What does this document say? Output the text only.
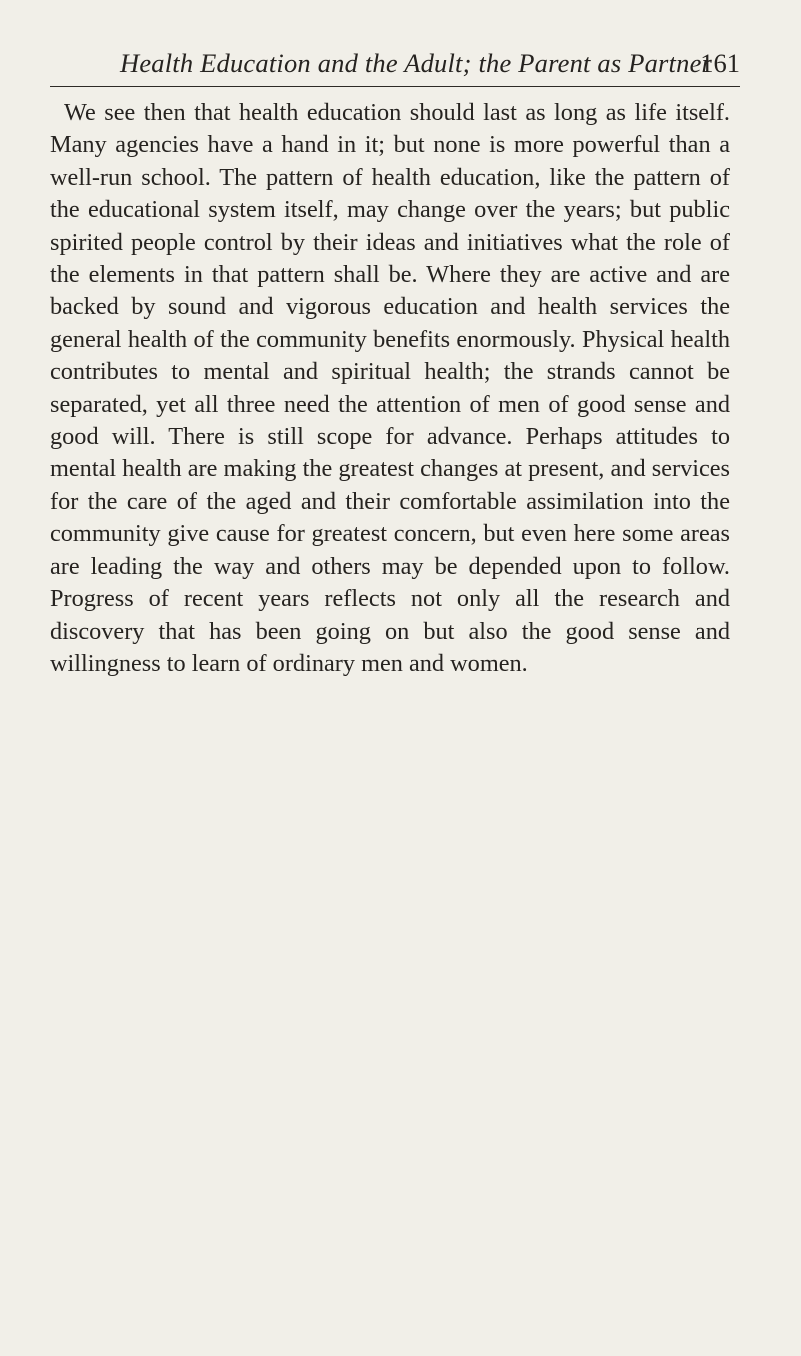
Health Education and the Adult; the Parent as Partner
161

We see then that health education should last as long as life itself. Many agencies have a hand in it; but none is more powerful than a well-run school. The pattern of health education, like the pattern of the educational system itself, may change over the years; but public spirited people control by their ideas and initiatives what the role of the elements in that pattern shall be. Where they are active and are backed by sound and vigorous education and health services the general health of the community benefits enormously. Physical health contributes to mental and spiritual health; the strands cannot be separated, yet all three need the attention of men of good sense and good will. There is still scope for advance. Perhaps attitudes to mental health are making the greatest changes at present, and services for the care of the aged and their comfortable assimilation into the community give cause for greatest concern, but even here some areas are leading the way and others may be depended upon to follow. Progress of recent years reflects not only all the research and discovery that has been going on but also the good sense and willingness to learn of ordinary men and women.
